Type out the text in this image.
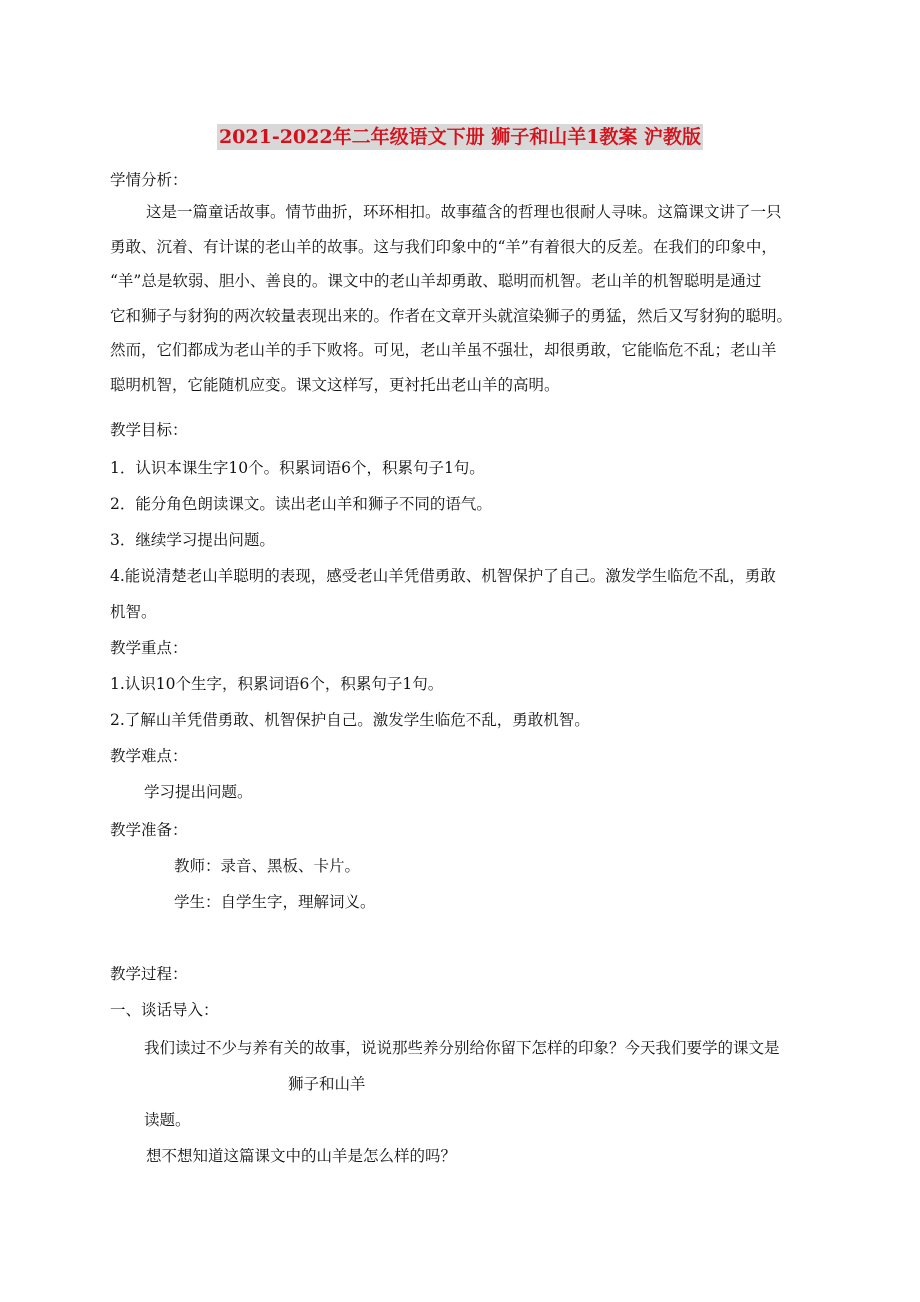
2021-2022年二年级语文下册 狮子和山羊1教案 沪教版
学情分析：

这是一篇童话故事。情节曲折，环环相扣。故事蕴含的哲理也很耐人寻味。这篇课文讲了一只

勇敢、沉着、有计谋的老山羊的故事。这与我们印象中的“羊”有着很大的反差。在我们的印象中，

“羊”总是软弱、胆小、善良的。课文中的老山羊却勇敢、聪明而机智。老山羊的机智聪明是通过

它和狮子与豺狗的两次较量表现出来的。作者在文章开头就渲染狮子的勇猛，然后又写豺狗的聪明。

然而，它们都成为老山羊的手下败将。可见，老山羊虽不强壮，却很勇敢，它能临危不乱；老山羊

聪明机智，它能随机应变。课文这样写，更衬托出老山羊的高明。

教学目标：
1．认识本课生字10个。积累词语6个，积累句子1句。
2．能分角色朗读课文。读出老山羊和狮子不同的语气。
3．继续学习提出问题。
4.能说清楚老山羊聪明的表现，感受老山羊凭借勇敢、机智保护了自己。激发学生临危不乱，勇敢
机智。
教学重点：
1.认识10个生字，积累词语6个，积累句子1句。
2.了解山羊凭借勇敢、机智保护自己。激发学生临危不乱，勇敢机智。
教学难点：
学习提出问题。
教学准备：
教师：录音、黑板、卡片。
学生：自学生字，理解词义。
教学过程：
一、谈话导入：
我们读过不少与养有关的故事，说说那些养分别给你留下怎样的印象？今天我们要学的课文是
狮子和山羊
读题。
想不想知道这篇课文中的山羊是怎么样的吗？
